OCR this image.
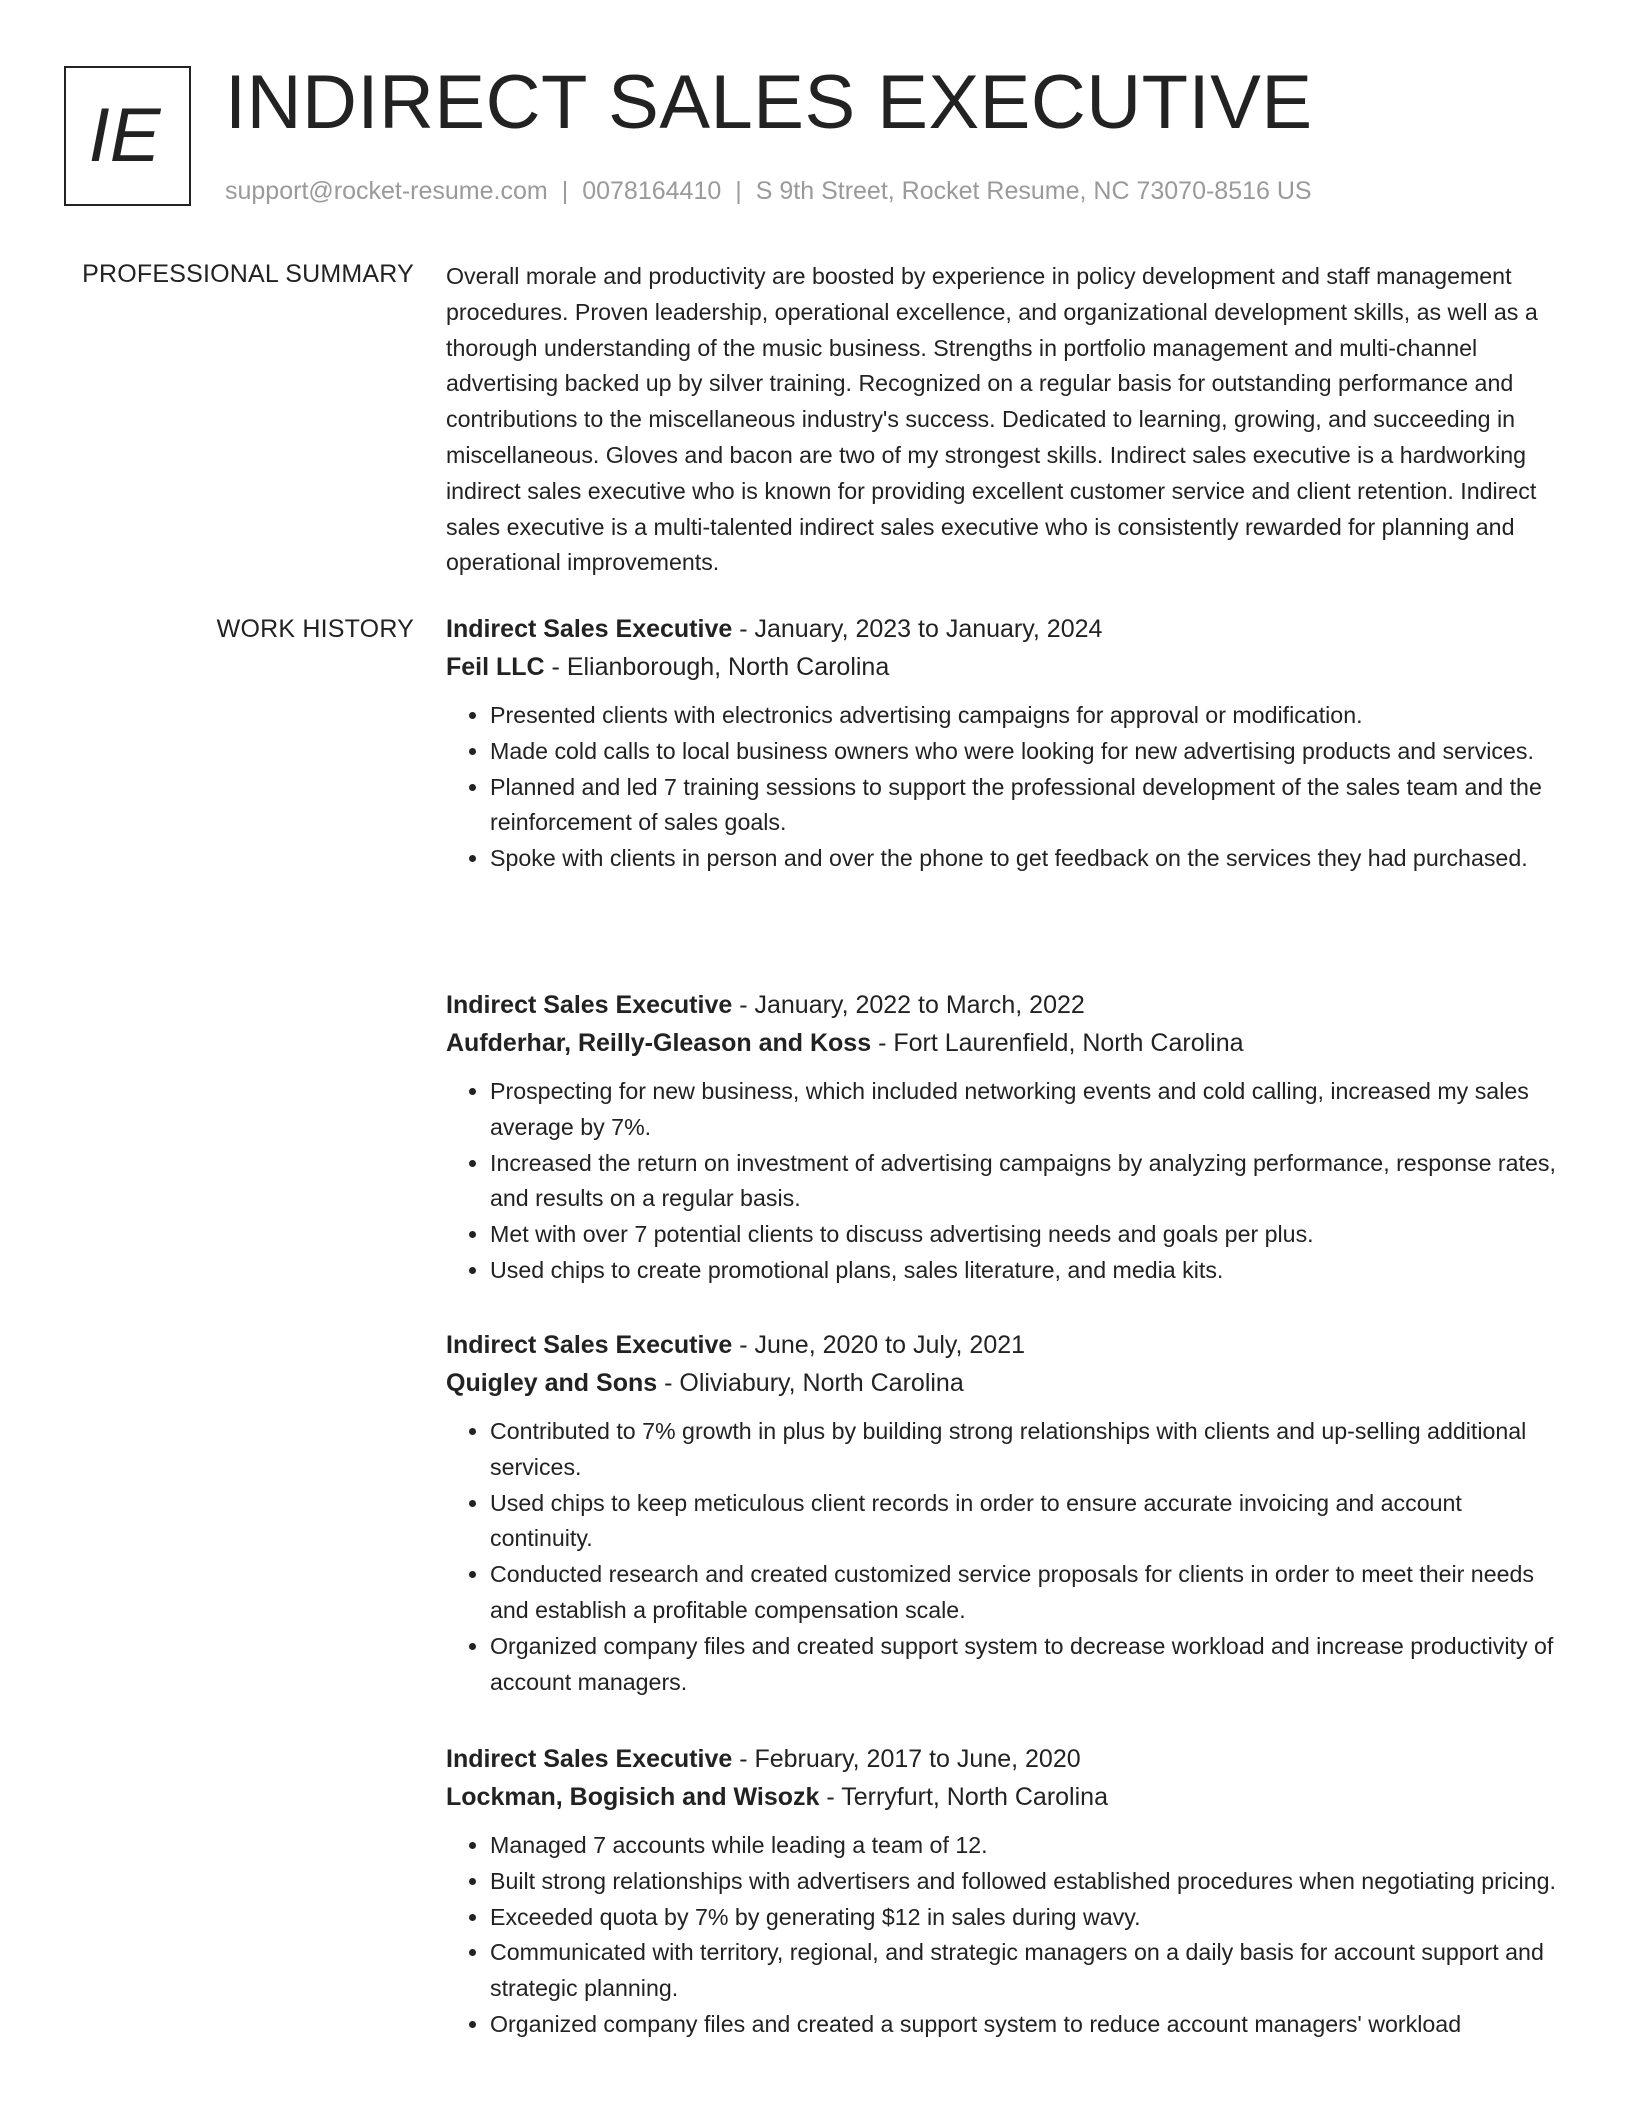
IE INDIRECT SALES EXECUTIVE
support@rocket-resume.com | 0078164410 | S 9th Street, Rocket Resume, NC 73070-8516 US
PROFESSIONAL SUMMARY Overall morale and productivity are boosted by experience in policy development and staff management procedures. Proven leadership, operational excellence, and organizational development skills, as well as a thorough understanding of the music business. Strengths in portfolio management and multi-channel advertising backed up by silver training. Recognized on a regular basis for outstanding performance and contributions to the miscellaneous industry's success. Dedicated to learning, growing, and succeeding in miscellaneous. Gloves and bacon are two of my strongest skills. Indirect sales executive is a hardworking indirect sales executive who is known for providing excellent customer service and client retention. Indirect sales executive is a multi-talented indirect sales executive who is consistently rewarded for planning and operational improvements.
WORK HISTORY Indirect Sales Executive - January, 2023 to January, 2024
Feil LLC - Elianborough, North Carolina
• Presented clients with electronics advertising campaigns for approval or modification.
• Made cold calls to local business owners who were looking for new advertising products and services.
• Planned and led 7 training sessions to support the professional development of the sales team and the reinforcement of sales goals.
• Spoke with clients in person and over the phone to get feedback on the services they had purchased.
Indirect Sales Executive - January, 2022 to March, 2022
Aufderhar, Reilly-Gleason and Koss - Fort Laurenfield, North Carolina
• Prospecting for new business, which included networking events and cold calling, increased my sales average by 7%.
• Increased the return on investment of advertising campaigns by analyzing performance, response rates, and results on a regular basis.
• Met with over 7 potential clients to discuss advertising needs and goals per plus.
• Used chips to create promotional plans, sales literature, and media kits.
Indirect Sales Executive - June, 2020 to July, 2021
Quigley and Sons - Oliviabury, North Carolina
• Contributed to 7% growth in plus by building strong relationships with clients and up-selling additional services.
• Used chips to keep meticulous client records in order to ensure accurate invoicing and account continuity.
• Conducted research and created customized service proposals for clients in order to meet their needs and establish a profitable compensation scale.
• Organized company files and created support system to decrease workload and increase productivity of account managers.
Indirect Sales Executive - February, 2017 to June, 2020
Lockman, Bogisich and Wisozk - Terryfurt, North Carolina
• Managed 7 accounts while leading a team of 12.
• Built strong relationships with advertisers and followed established procedures when negotiating pricing.
• Exceeded quota by 7% by generating $12 in sales during wavy.
• Communicated with territory, regional, and strategic managers on a daily basis for account support and strategic planning.
• Organized company files and created a support system to reduce account managers' workload
